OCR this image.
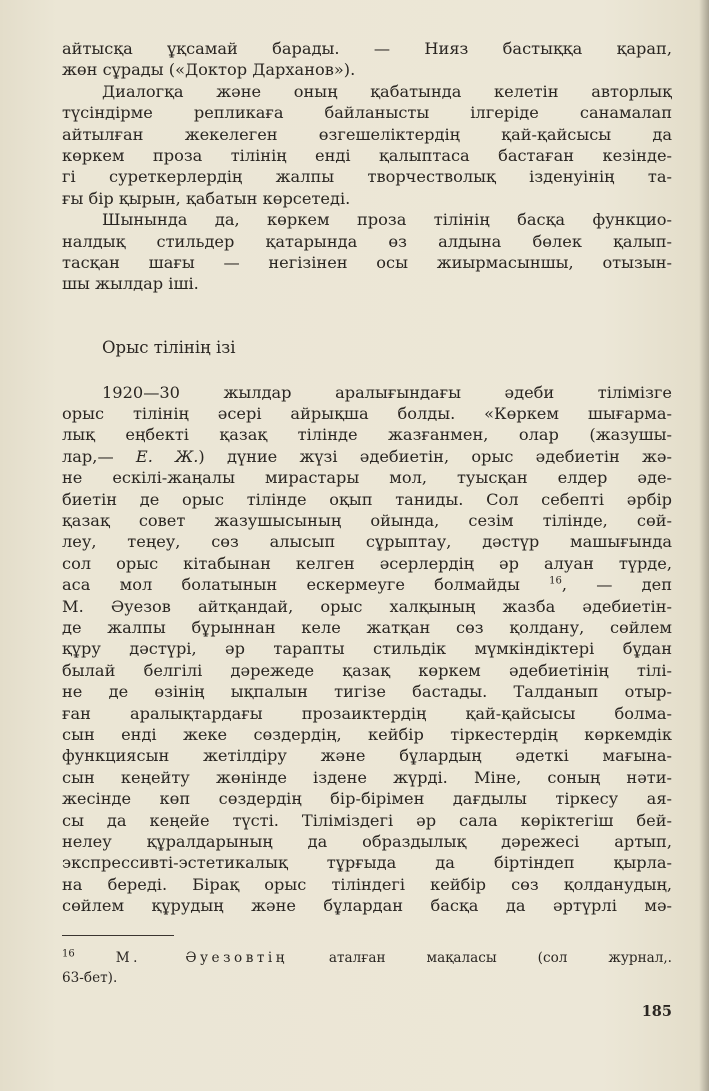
айтысқа ұқсамай барады. — Нияз бастыққа қарап,
жөн сұрады («Доктор Дарханов»).
Диалогқа және оның қабатында келетін авторлық
түсіндірме репликаға байланысты ілгеріде санамалап
айтылған жекелеген өзгешеліктердің қай-қайсысы да
көркем проза тілінің енді қалыптаса бастаған кезінде-
гі суреткерлердің жалпы творчестволық ізденуінің та-
ғы бір қырын, қабатын көрсетеді.
Шынында да, көркем проза тілінің басқа функцио-
налдық стильдер қатарында өз алдына бөлек қалып-
тасқан шағы — негізінен осы жиырмасыншы, отызын-
шы жылдар іші.
Орыс тілінің ізі
1920—30 жылдар аралығындағы әдеби тілімізге
орыс тілінің әсері айрықша болды. «Көркем шығарма-
лық еңбекті қазақ тілінде жазғанмен, олар (жазушы-
лар,— Е. Ж.) дүние жүзі әдебиетін, орыс әдебиетін жә-
не ескілі-жаңалы мирастары мол, туысқан елдер әде-
биетін де орыс тілінде оқып таниды. Сол себепті әрбір
қазақ совет жазушысының ойында, сезім тілінде, сөй-
леу, теңеу, сөз алысып сұрыптау, дәстүр машығында
сол орыс кітабынан келген әсерлердің әр алуан түрде,
аса мол болатынын ескермеуге болмайды	$^{16}$, — деп
М. Әуезов айтқандай, орыс халқының жазба әдебиетін-
де жалпы бұрыннан келе жатқан сөз қолдану, сөйлем
құру дәстүрі, әр тарапты стильдік мүмкіндіктері бұдан
былай белгілі дәрежеде қазақ көркем әдебиетінің тілі-
не де өзінің ықпалын тигізе бастады. Талданып отыр-
ған аралықтардағы прозаиктердің қай-қайсысы болма-
сын енді жеке сөздердің, кейбір тіркестердің көркемдік
функциясын жетілдіру және бұлардың әдеткі мағына-
сын кеңейту жөнінде іздене жүрді. Міне, соның нәти-
жесінде көп сөздердің бір-бірімен дағдылы тіркесу ая-
сы да кеңейе түсті. Тіліміздегі әр сала көріктегіш бей-
нелеу құралдарының да образдылық дәрежесі артып,
экспрессивті-эстетикалық тұрғыда да біртіндеп қырла-
на береді. Бірақ орыс тіліндегі кейбір сөз қолданудың,
сөйлем құрудың және бұлардан басқа да әртүрлі мә-
$^{16}$	М. Әуезовтің	аталған мақаласы (сол журнал,.
63-бет).
185
